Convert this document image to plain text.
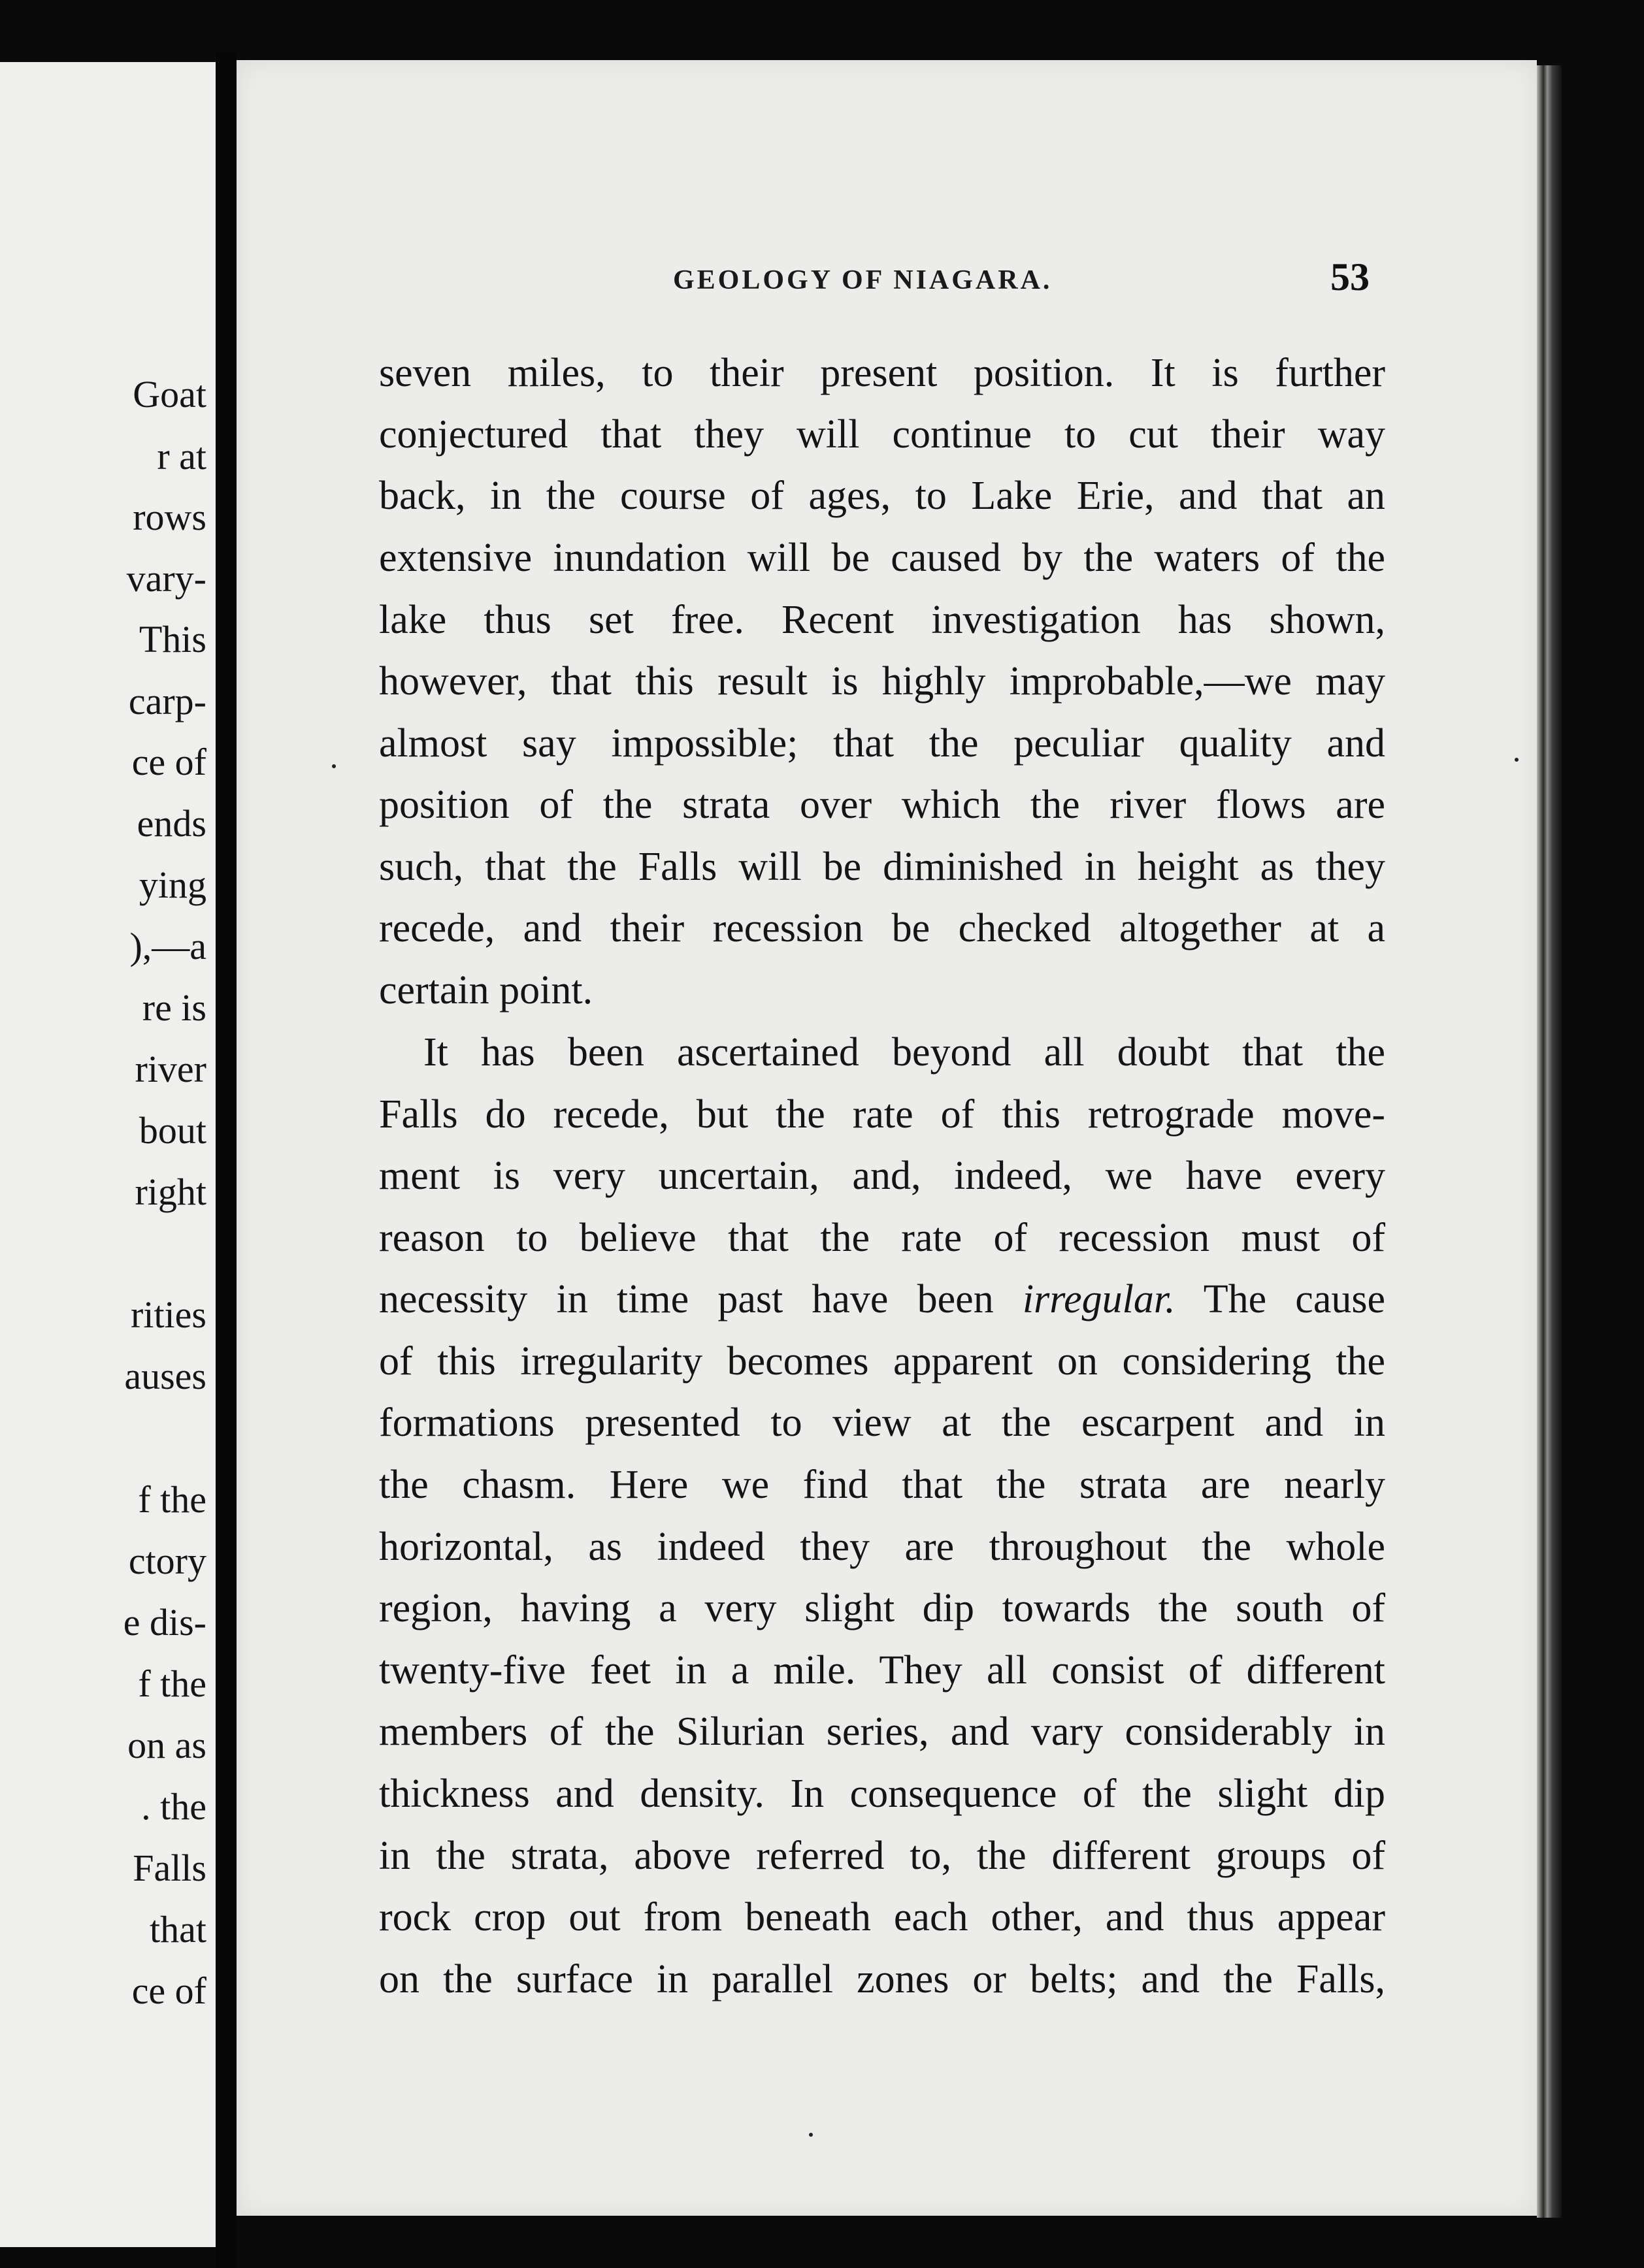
Goat
r at
rows
vary-
This
carp-
ce of
ends
ying
),—a
re is
river
bout
right
rities
auses
f the
ctory
e dis-
f the
on as
. the
Falls
that
ce of
GEOLOGY OF NIAGARA.	53
seven miles, to their present position. It is further
conjectured that they will continue to cut their way
back, in the course of ages, to Lake Erie, and that an
extensive inundation will be caused by the waters of the
lake thus set free. Recent investigation has shown,
however, that this result is highly improbable,—we may
almost say impossible; that the peculiar quality and
position of the strata over which the river flows are
such, that the Falls will be diminished in height as they
recede, and their recession be checked altogether at a
certain point.
It has been ascertained beyond all doubt that the
Falls do recede, but the rate of this retrograde move-
ment is very uncertain, and, indeed, we have every
reason to believe that the rate of recession must of
necessity in time past have been irregular. The cause
of this irregularity becomes apparent on considering the
formations presented to view at the escarpent and in
the chasm. Here we find that the strata are nearly
horizontal, as indeed they are throughout the whole
region, having a very slight dip towards the south of
twenty-five feet in a mile. They all consist of different
members of the Silurian series, and vary considerably in
thickness and density. In consequence of the slight dip
in the strata, above referred to, the different groups of
rock crop out from beneath each other, and thus appear
on the surface in parallel zones or belts; and the Falls,
